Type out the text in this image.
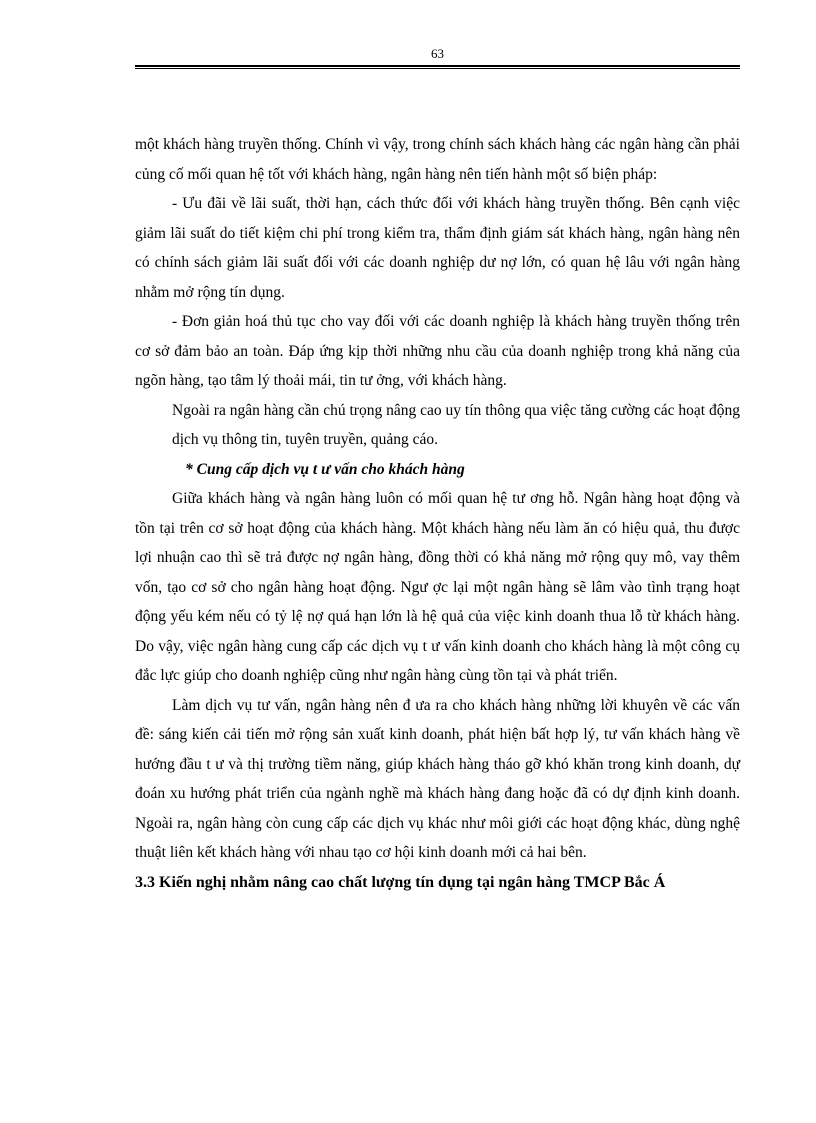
63

một khách hàng truyền thống. Chính vì vậy, trong chính sách khách hàng các ngân hàng cần phải củng cố mối quan hệ tốt với khách hàng, ngân hàng nên tiến hành một số biện pháp:

- Ưu đãi về lãi suất, thời hạn, cách thức đối với khách hàng truyền thống. Bên cạnh việc giảm lãi suất do tiết kiệm chi phí trong kiểm tra, thẩm định giám sát khách hàng, ngân hàng nên có chính sách giảm lãi suất đối với các doanh nghiệp dư nợ lớn, có quan hệ lâu với ngân hàng nhằm mở rộng tín dụng.

- Đơn giản hoá thủ tục cho vay đối với các doanh nghiệp là khách hàng truyền thống trên cơ sở đảm bảo an toàn. Đáp ứng kịp thời những nhu cầu của doanh nghiệp trong khả năng của ngõn hàng, tạo tâm lý thoải mái, tin tư ởng, với khách hàng.

Ngoài ra ngân hàng cần chú trọng nâng cao uy tín thông qua việc tăng cường các hoạt động dịch vụ thông tin, tuyên truyền, quảng cáo.

* Cung cấp dịch vụ t ư vấn cho khách hàng

Giữa khách hàng và ngân hàng luôn có mối quan hệ tư ơng hỗ. Ngân hàng hoạt động và tồn tại trên cơ sở hoạt động của khách hàng. Một khách hàng nếu làm ăn có hiệu quả, thu được lợi nhuận cao thì sẽ trả được nợ ngân hàng, đồng thời có khả năng mở rộng quy mô, vay thêm vốn, tạo cơ sở cho ngân hàng hoạt động. Ngư ợc lại một ngân hàng sẽ lâm vào tình trạng hoạt động yếu kém nếu có tỷ lệ nợ quá hạn lớn là hệ quả của việc kinh doanh thua lỗ từ khách hàng. Do vậy, việc ngân hàng cung cấp các dịch vụ t ư vấn kinh doanh cho khách hàng là một công cụ đắc lực giúp cho doanh nghiệp cũng như ngân hàng cùng tồn tại và phát triển.

Làm dịch vụ tư vấn, ngân hàng nên đ ưa ra cho khách hàng những lời khuyên về các vấn đề: sáng kiến cải tiến mở rộng sản xuất kinh doanh, phát hiện bất hợp lý, tư vấn khách hàng về hướng đầu t ư và thị trường tiềm năng, giúp khách hàng tháo gỡ khó khăn trong kinh doanh, dự đoán xu hướng phát triển của ngành nghề mà khách hàng đang hoặc đã có dự định kinh doanh. Ngoài ra, ngân hàng còn cung cấp các dịch vụ khác như môi giới các hoạt động khác, dùng nghệ thuật liên kết khách hàng với nhau tạo cơ hội kinh doanh mới cả hai bên.

3.3 Kiến nghị nhằm nâng cao chất lượng tín dụng tại ngân hàng TMCP Bắc Á
